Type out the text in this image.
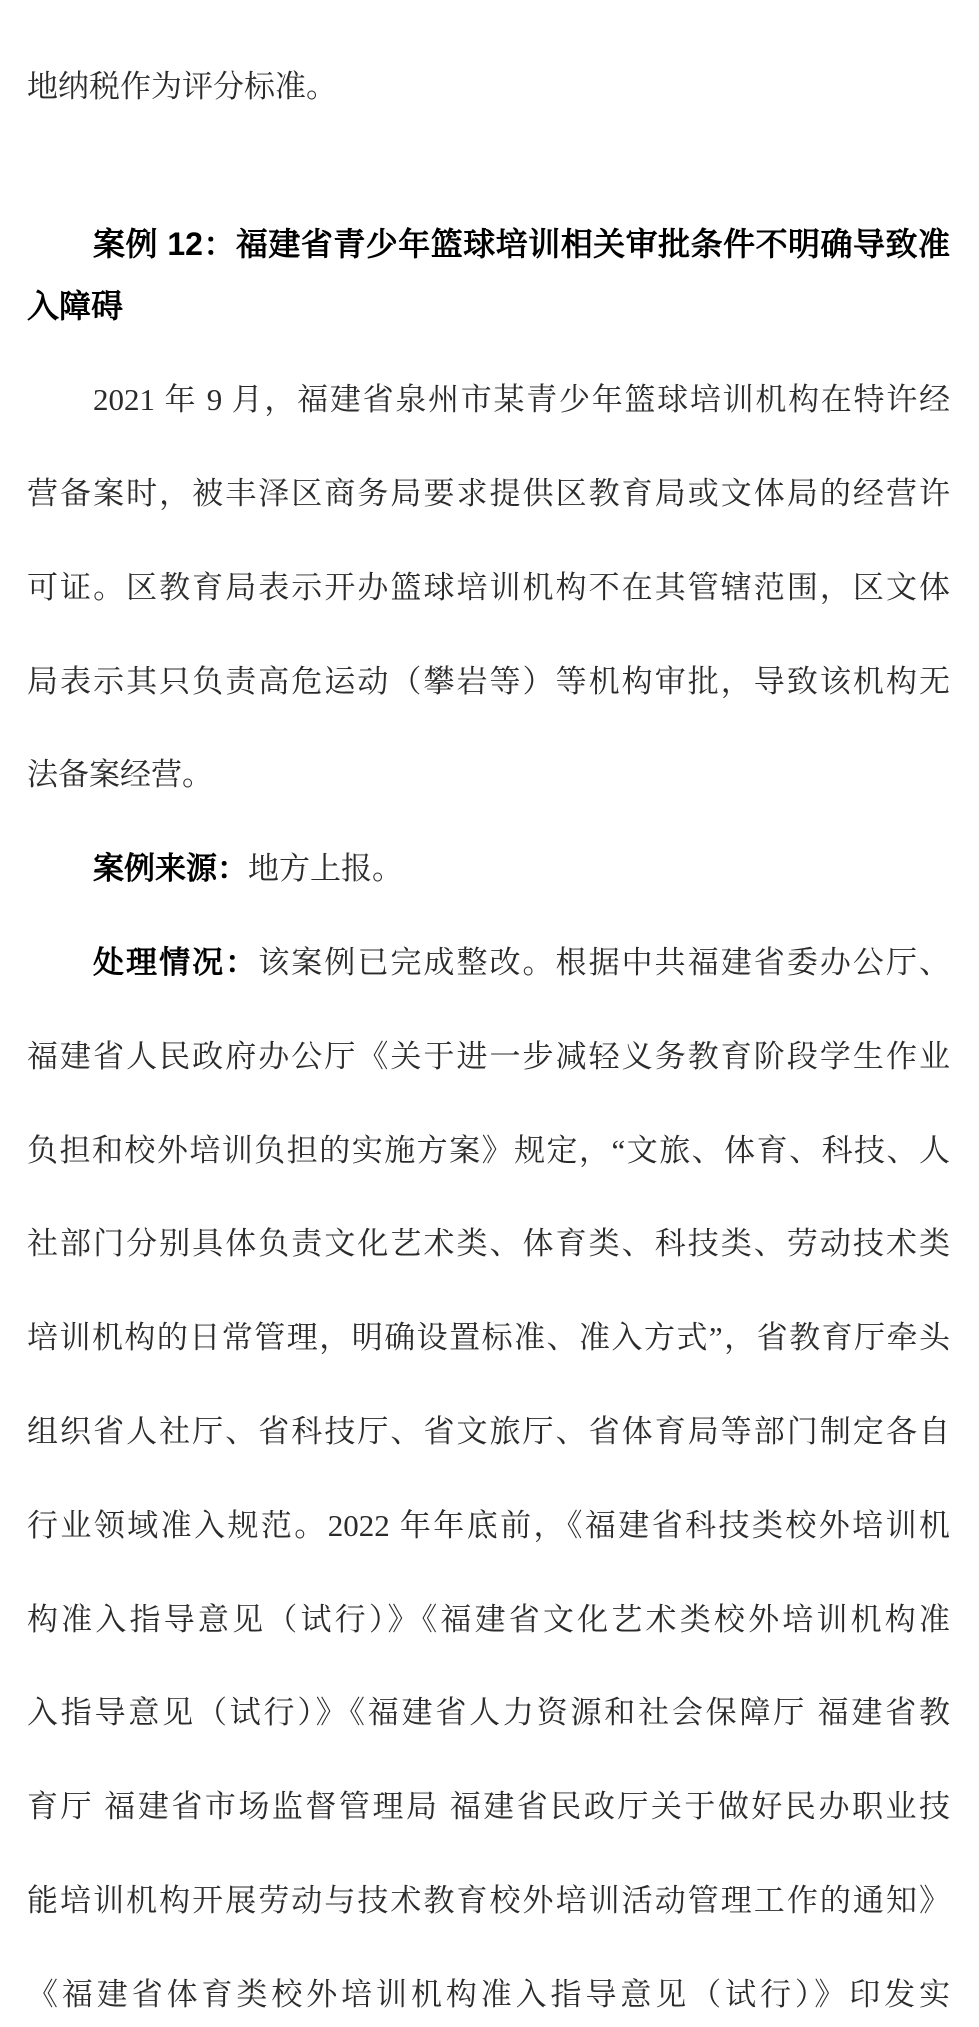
地纳税作为评分标准。

案例 12：福建省青少年篮球培训相关审批条件不明确导致准
入障碍

2021 年 9 月，福建省泉州市某青少年篮球培训机构在特许经

营备案时，被丰泽区商务局要求提供区教育局或文体局的经营许

可证。区教育局表示开办篮球培训机构不在其管辖范围，区文体

局表示其只负责高危运动（攀岩等）等机构审批，导致该机构无

法备案经营。

案例来源：地方上报。

处理情况：该案例已完成整改。根据中共福建省委办公厅、

福建省人民政府办公厅《关于进一步减轻义务教育阶段学生作业

负担和校外培训负担的实施方案》规定，“文旅、体育、科技、人

社部门分别具体负责文化艺术类、体育类、科技类、劳动技术类

培训机构的日常管理，明确设置标准、准入方式”，省教育厅牵头

组织省人社厅、省科技厅、省文旅厅、省体育局等部门制定各自

行业领域准入规范。2022 年年底前，《福建省科技类校外培训机

构准入指导意见（试行）》《福建省文化艺术类校外培训机构准

入指导意见（试行）》《福建省人力资源和社会保障厅 福建省教

育厅 福建省市场监督管理局 福建省民政厅关于做好民办职业技

能培训机构开展劳动与技术教育校外培训活动管理工作的通知》

《福建省体育类校外培训机构准入指导意见（试行）》印发实
